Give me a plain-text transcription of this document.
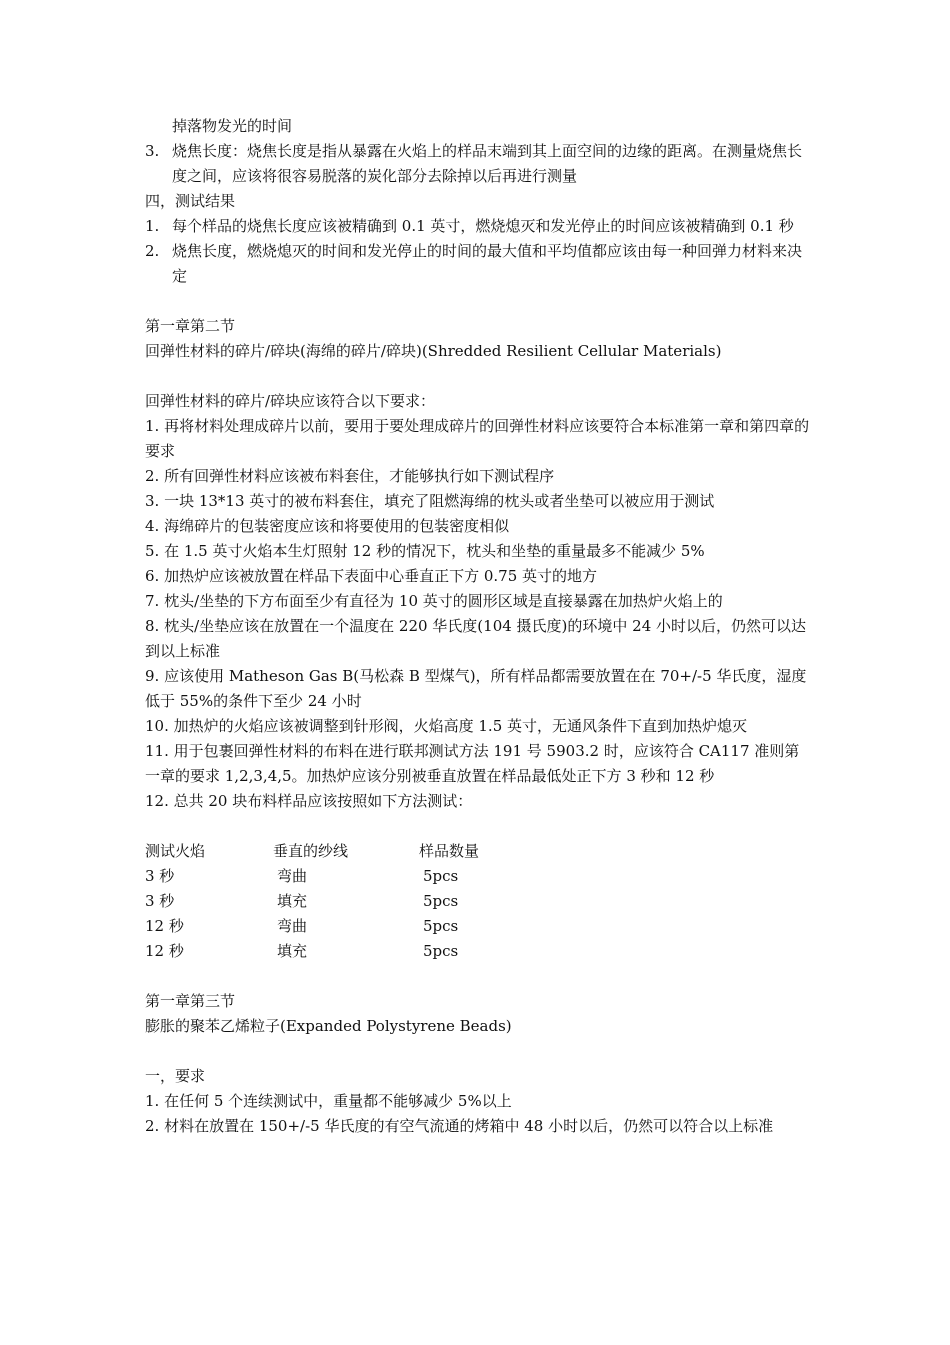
掉落物发光的时间
3. 烧焦长度：烧焦长度是指从暴露在火焰上的样品末端到其上面空间的边缘的距离。在测量烧焦长度之间，应该将很容易脱落的炭化部分去除掉以后再进行测量
四，测试结果
1. 每个样品的烧焦长度应该被精确到 0.1 英寸，燃烧熄灭和发光停止的时间应该被精确到 0.1 秒
2. 烧焦长度，燃烧熄灭的时间和发光停止的时间的最大值和平均值都应该由每一种回弹力材料来决定
第一章第二节
回弹性材料的碎片/碎块(海绵的碎片/碎块)(Shredded Resilient Cellular Materials)
回弹性材料的碎片/碎块应该符合以下要求：
1. 再将材料处理成碎片以前，要用于要处理成碎片的回弹性材料应该要符合本标准第一章和第四章的要求
2. 所有回弹性材料应该被布料套住，才能够执行如下测试程序
3. 一块 13*13 英寸的被布料套住，填充了阻燃海绵的枕头或者坐垫可以被应用于测试
4. 海绵碎片的包装密度应该和将要使用的包装密度相似
5. 在 1.5 英寸火焰本生灯照射 12 秒的情况下，枕头和坐垫的重量最多不能减少 5%
6. 加热炉应该被放置在样品下表面中心垂直正下方 0.75 英寸的地方
7. 枕头/坐垫的下方布面至少有直径为 10 英寸的圆形区域是直接暴露在加热炉火焰上的
8. 枕头/坐垫应该在放置在一个温度在 220 华氏度(104 摄氏度)的环境中 24 小时以后，仍然可以达到以上标准
9. 应该使用 Matheson Gas B(马松森 B 型煤气)，所有样品都需要放置在在 70+/-5 华氏度，湿度低于 55%的条件下至少 24 小时
10. 加热炉的火焰应该被调整到针形阀，火焰高度 1.5 英寸，无通风条件下直到加热炉熄灭
11. 用于包裹回弹性材料的布料在进行联邦测试方法 191 号 5903.2 时，应该符合 CA117 准则第一章的要求 1,2,3,4,5。加热炉应该分别被垂直放置在样品最低处正下方 3 秒和 12 秒
12. 总共 20 块布料样品应该按照如下方法测试：
测试火焰	垂直的纱线	样品数量
3 秒	弯曲	5pcs
3 秒	填充	5pcs
12 秒	弯曲	5pcs
12 秒	填充	5pcs
第一章第三节
膨胀的聚苯乙烯粒子(Expanded Polystyrene Beads)
一，要求
1. 在任何 5 个连续测试中，重量都不能够减少 5%以上
2. 材料在放置在 150+/-5 华氏度的有空气流通的烤箱中 48 小时以后，仍然可以符合以上标准
